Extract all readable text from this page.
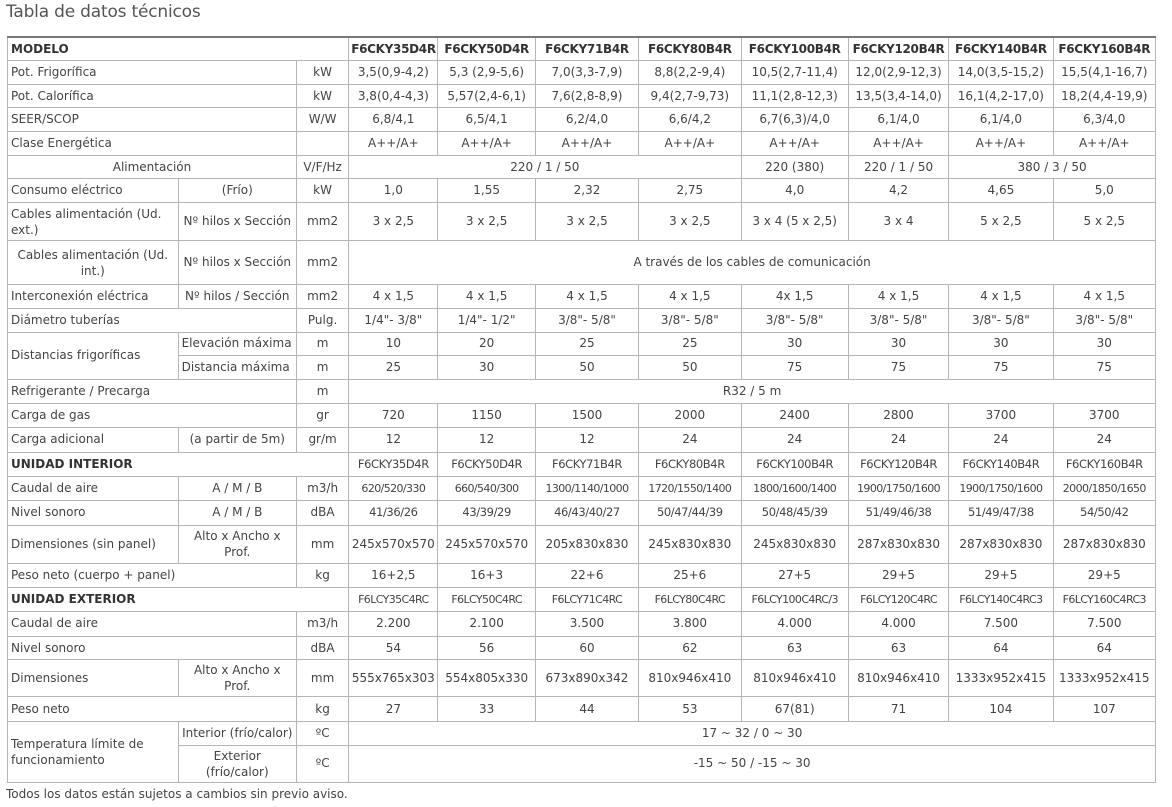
Tabla de datos técnicos
MODELO			F6CKY35D4R	F6CKY50D4R	F6CKY71B4R	F6CKY80B4R	F6CKY100B4R	F6CKY120B4R	F6CKY140B4R	F6CKY160B4R
Pot. Frigorífica		kW	3,5(0,9-4,2)	5,3 (2,9-5,6)	7,0(3,3-7,9)	8,8(2,2-9,4)	10,5(2,7-11,4)	12,0(2,9-12,3)	14,0(3,5-15,2)	15,5(4,1-16,7)
Pot. Calorífica		kW	3,8(0,4-4,3)	5,57(2,4-6,1)	7,6(2,8-8,9)	9,4(2,7-9,73)	11,1(2,8-12,3)	13,5(3,4-14,0)	16,1(4,2-17,0)	18,2(4,4-19,9)
SEER/SCOP		W/W	6,8/4,1	6,5/4,1	6,2/4,0	6,6/4,2	6,7(6,3)/4,0	6,1/4,0	6,1/4,0	6,3/4,0
Clase Energética			A++/A+	A++/A+	A++/A+	A++/A+	A++/A+	A++/A+	A++/A+	A++/A+
Alimentación		V/F/Hz	220 / 1 / 50				220 (380)	220 / 1 / 50	380 / 3 / 50	
Consumo eléctrico	(Frío)	kW	1,0	1,55	2,32	2,75	4,0	4,2	4,65	5,0
Cables alimentación (Ud. ext.)	Nº hilos x Sección	mm2	3 x 2,5	3 x 2,5	3 x 2,5	3 x 2,5	3 x 4 (5 x 2,5)	3 x 4	5 x 2,5	5 x 2,5
Cables alimentación (Ud. int.)	Nº hilos x Sección	mm2	A través de los cables de comunicación							
Interconexión eléctrica	Nº hilos / Sección	mm2	4 x 1,5	4 x 1,5	4 x 1,5	4 x 1,5	4x 1,5	4 x 1,5	4 x 1,5	4 x 1,5
Diámetro tuberías		Pulg.	1/4"- 3/8"	1/4"- 1/2"	3/8"- 5/8"	3/8"- 5/8"	3/8"- 5/8"	3/8"- 5/8"	3/8"- 5/8"	3/8"- 5/8"
Distancias frigoríficas	Elevación máxima	m	10	20	25	25	30	30	30	30
	Distancia máxima	m	25	30	50	50	75	75	75	75
Refrigerante / Precarga		m	R32 / 5 m							
Carga de gas		gr	720	1150	1500	2000	2400	2800	3700	3700
Carga adicional	(a partir de 5m)	gr/m	12	12	12	24	24	24	24	24
UNIDAD INTERIOR			F6CKY35D4R	F6CKY50D4R	F6CKY71B4R	F6CKY80B4R	F6CKY100B4R	F6CKY120B4R	F6CKY140B4R	F6CKY160B4R
Caudal de aire	A / M / B	m3/h	620/520/330	660/540/300	1300/1140/1000	1720/1550/1400	1800/1600/1400	1900/1750/1600	1900/1750/1600	2000/1850/1650
Nivel sonoro	A / M / B	dBA	41/36/26	43/39/29	46/43/40/27	50/47/44/39	50/48/45/39	51/49/46/38	51/49/47/38	54/50/42
Dimensiones (sin panel)	Alto x Ancho x Prof.	mm	245x570x570	245x570x570	205x830x830	245x830x830	245x830x830	287x830x830	287x830x830	287x830x830
Peso neto (cuerpo + panel)		kg	16+2,5	16+3	22+6	25+6	27+5	29+5	29+5	29+5
UNIDAD EXTERIOR			F6LCY35C4RC	F6LCY50C4RC	F6LCY71C4RC	F6LCY80C4RC	F6LCY100C4RC/3	F6LCY120C4RC	F6LCY140C4RC3	F6LCY160C4RC3
Caudal de aire		m3/h	2.200	2.100	3.500	3.800	4.000	4.000	7.500	7.500
Nivel sonoro		dBA	54	56	60	62	63	63	64	64
Dimensiones	Alto x Ancho x Prof.	mm	555x765x303	554x805x330	673x890x342	810x946x410	810x946x410	810x946x410	1333x952x415	1333x952x415
Peso neto		kg	27	33	44	53	67(81)	71	104	107
Temperatura límite de funcionamiento	Interior (frío/calor)	ºC	17 ~ 32 / 0 ~ 30							
	Exterior (frío/calor)	ºC	-15 ~ 50 / -15 ~ 30							
Todos los datos están sujetos a cambios sin previo aviso.
